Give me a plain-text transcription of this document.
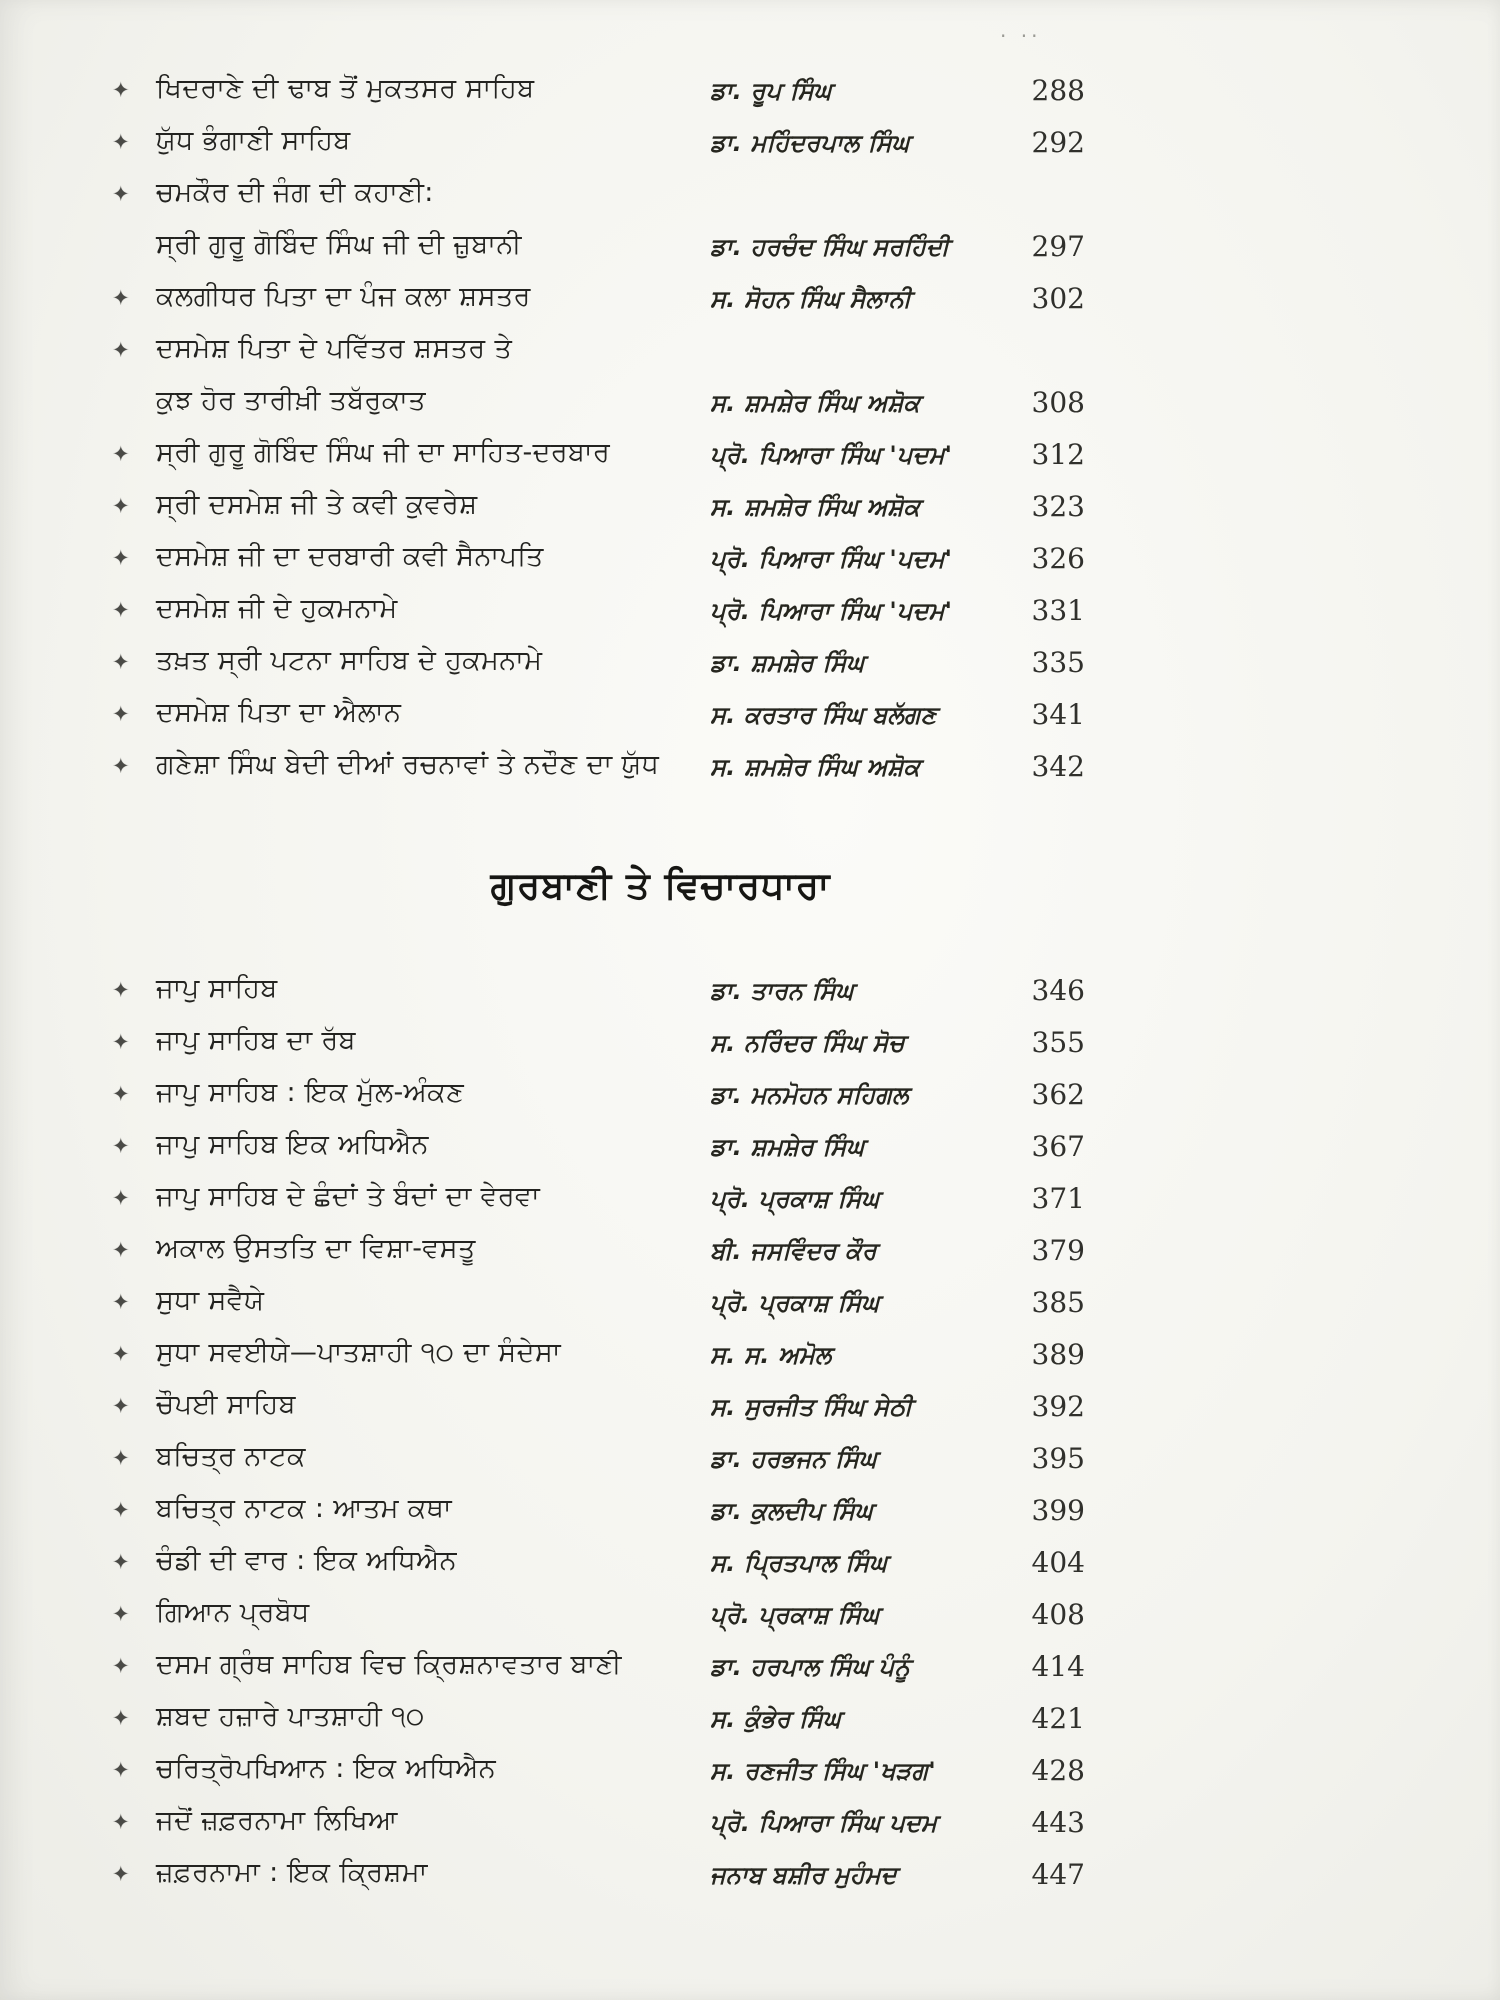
· ··
✦ ਖਿਦਰਾਣੇ ਦੀ ਢਾਬ ਤੋਂ ਮੁਕਤਸਰ ਸਾਹਿਬ	ਡਾ. ਰੂਪ ਸਿੰਘ	288
✦ ਯੁੱਧ ਭੰਗਾਣੀ ਸਾਹਿਬ	ਡਾ. ਮਹਿੰਦਰਪਾਲ ਸਿੰਘ	292
✦ ਚਮਕੌਰ ਦੀ ਜੰਗ ਦੀ ਕਹਾਣੀ:
ਸ੍ਰੀ ਗੁਰੂ ਗੋਬਿੰਦ ਸਿੰਘ ਜੀ ਦੀ ਜ਼ੁਬਾਨੀ	ਡਾ. ਹਰਚੰਦ ਸਿੰਘ ਸਰਹਿੰਦੀ	297
✦ ਕਲਗੀਧਰ ਪਿਤਾ ਦਾ ਪੰਜ ਕਲਾ ਸ਼ਸਤਰ	ਸ. ਸੋਹਨ ਸਿੰਘ ਸੈਲਾਨੀ	302
✦ ਦਸਮੇਸ਼ ਪਿਤਾ ਦੇ ਪਵਿੱਤਰ ਸ਼ਸਤਰ ਤੇ
ਕੁਝ ਹੋਰ ਤਾਰੀਖ਼ੀ ਤਬੱਰੁਕਾਤ	ਸ. ਸ਼ਮਸ਼ੇਰ ਸਿੰਘ ਅਸ਼ੋਕ	308
✦ ਸ੍ਰੀ ਗੁਰੂ ਗੋਬਿੰਦ ਸਿੰਘ ਜੀ ਦਾ ਸਾਹਿਤ-ਦਰਬਾਰ	ਪ੍ਰੋ. ਪਿਆਰਾ ਸਿੰਘ 'ਪਦਮ'	312
✦ ਸ੍ਰੀ ਦਸਮੇਸ਼ ਜੀ ਤੇ ਕਵੀ ਕੁਵਰੇਸ਼	ਸ. ਸ਼ਮਸ਼ੇਰ ਸਿੰਘ ਅਸ਼ੋਕ	323
✦ ਦਸਮੇਸ਼ ਜੀ ਦਾ ਦਰਬਾਰੀ ਕਵੀ ਸੈਨਾਪਤਿ	ਪ੍ਰੋ. ਪਿਆਰਾ ਸਿੰਘ 'ਪਦਮ'	326
✦ ਦਸਮੇਸ਼ ਜੀ ਦੇ ਹੁਕਮਨਾਮੇ	ਪ੍ਰੋ. ਪਿਆਰਾ ਸਿੰਘ 'ਪਦਮ'	331
✦ ਤਖ਼ਤ ਸ੍ਰੀ ਪਟਨਾ ਸਾਹਿਬ ਦੇ ਹੁਕਮਨਾਮੇ	ਡਾ. ਸ਼ਮਸ਼ੇਰ ਸਿੰਘ	335
✦ ਦਸਮੇਸ਼ ਪਿਤਾ ਦਾ ਐਲਾਨ	ਸ. ਕਰਤਾਰ ਸਿੰਘ ਬਲੱਗਣ	341
✦ ਗਣੇਸ਼ਾ ਸਿੰਘ ਬੇਦੀ ਦੀਆਂ ਰਚਨਾਵਾਂ ਤੇ ਨਦੌਣ ਦਾ ਯੁੱਧ	ਸ. ਸ਼ਮਸ਼ੇਰ ਸਿੰਘ ਅਸ਼ੋਕ	342
ਗੁਰਬਾਣੀ ਤੇ ਵਿਚਾਰਧਾਰਾ
✦ ਜਾਪੁ ਸਾਹਿਬ	ਡਾ. ਤਾਰਨ ਸਿੰਘ	346
✦ ਜਾਪੁ ਸਾਹਿਬ ਦਾ ਰੱਬ	ਸ. ਨਰਿੰਦਰ ਸਿੰਘ ਸੋਚ	355
✦ ਜਾਪੁ ਸਾਹਿਬ : ਇਕ ਮੁੱਲ-ਅੰਕਣ	ਡਾ. ਮਨਮੋਹਨ ਸਹਿਗਲ	362
✦ ਜਾਪੁ ਸਾਹਿਬ ਇਕ ਅਧਿਐਨ	ਡਾ. ਸ਼ਮਸ਼ੇਰ ਸਿੰਘ	367
✦ ਜਾਪੁ ਸਾਹਿਬ ਦੇ ਛੰਦਾਂ ਤੇ ਬੰਦਾਂ ਦਾ ਵੇਰਵਾ	ਪ੍ਰੋ. ਪ੍ਰਕਾਸ਼ ਸਿੰਘ	371
✦ ਅਕਾਲ ਉਸਤਤਿ ਦਾ ਵਿਸ਼ਾ-ਵਸਤੂ	ਬੀ. ਜਸਵਿੰਦਰ ਕੌਰ	379
✦ ਸੁਧਾ ਸਵੈਯੇ	ਪ੍ਰੋ. ਪ੍ਰਕਾਸ਼ ਸਿੰਘ	385
✦ ਸੁਧਾ ਸਵਈਯੇ—ਪਾਤਸ਼ਾਹੀ ੧੦ ਦਾ ਸੰਦੇਸਾ	ਸ. ਸ. ਅਮੋਲ	389
✦ ਚੌਪਈ ਸਾਹਿਬ	ਸ. ਸੁਰਜੀਤ ਸਿੰਘ ਸੇਠੀ	392
✦ ਬਚਿਤ੍ਰ ਨਾਟਕ	ਡਾ. ਹਰਭਜਨ ਸਿੰਘ	395
✦ ਬਚਿਤ੍ਰ ਨਾਟਕ : ਆਤਮ ਕਥਾ	ਡਾ. ਕੁਲਦੀਪ ਸਿੰਘ	399
✦ ਚੰਡੀ ਦੀ ਵਾਰ : ਇਕ ਅਧਿਐਨ	ਸ. ਪ੍ਰਿਤਪਾਲ ਸਿੰਘ	404
✦ ਗਿਆਨ ਪ੍ਰਬੋਧ	ਪ੍ਰੋ. ਪ੍ਰਕਾਸ਼ ਸਿੰਘ	408
✦ ਦਸਮ ਗ੍ਰੰਥ ਸਾਹਿਬ ਵਿਚ ਕ੍ਰਿਸ਼ਨਾਵਤਾਰ ਬਾਣੀ	ਡਾ. ਹਰਪਾਲ ਸਿੰਘ ਪੰਨੂੰ	414
✦ ਸ਼ਬਦ ਹਜ਼ਾਰੇ ਪਾਤਸ਼ਾਹੀ ੧੦	ਸ. ਕੁੰਭੇਰ ਸਿੰਘ	421
✦ ਚਰਿਤ੍ਰੋਪਖਿਆਨ : ਇਕ ਅਧਿਐਨ	ਸ. ਰਣਜੀਤ ਸਿੰਘ 'ਖੜਗ'	428
✦ ਜਦੋਂ ਜ਼ਫ਼ਰਨਾਮਾ ਲਿਖਿਆ	ਪ੍ਰੋ. ਪਿਆਰਾ ਸਿੰਘ ਪਦਮ	443
✦ ਜ਼ਫ਼ਰਨਾਮਾ : ਇਕ ਕ੍ਰਿਸ਼ਮਾ	ਜਨਾਬ ਬਸ਼ੀਰ ਮੁਹੰਮਦ	447
